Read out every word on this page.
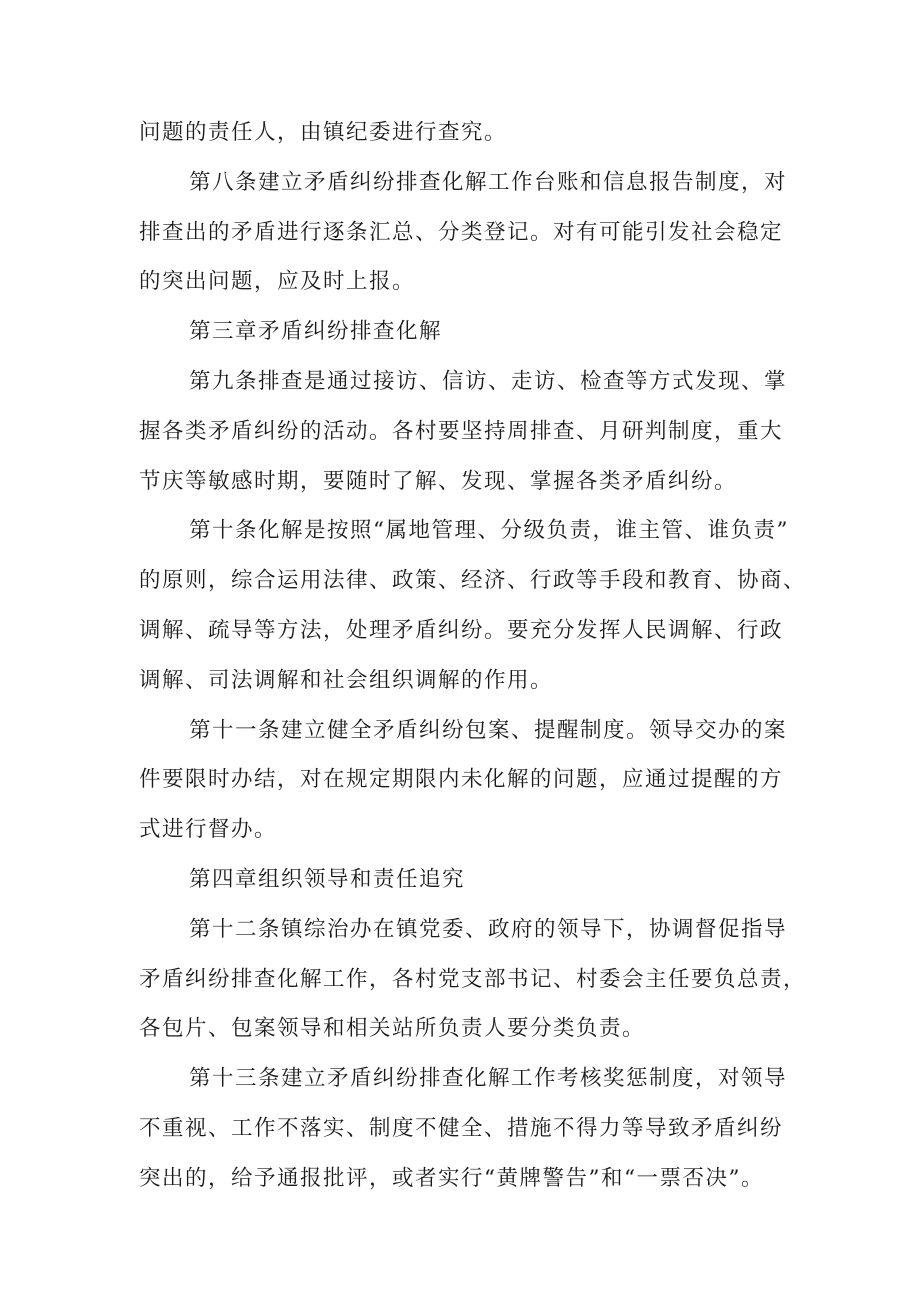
问题的责任人，由镇纪委进行查究。
第八条建立矛盾纠纷排查化解工作台账和信息报告制度，对
排查出的矛盾进行逐条汇总、分类登记。对有可能引发社会稳定
的突出问题，应及时上报。
第三章矛盾纠纷排查化解
第九条排查是通过接访、信访、走访、检查等方式发现、掌
握各类矛盾纠纷的活动。各村要坚持周排查、月研判制度，重大
节庆等敏感时期，要随时了解、发现、掌握各类矛盾纠纷。
第十条化解是按照“属地管理、分级负责，谁主管、谁负责”
的原则，综合运用法律、政策、经济、行政等手段和教育、协商、
调解、疏导等方法，处理矛盾纠纷。要充分发挥人民调解、行政
调解、司法调解和社会组织调解的作用。
第十一条建立健全矛盾纠纷包案、提醒制度。领导交办的案
件要限时办结，对在规定期限内未化解的问题，应通过提醒的方
式进行督办。
第四章组织领导和责任追究
第十二条镇综治办在镇党委、政府的领导下，协调督促指导
矛盾纠纷排查化解工作，各村党支部书记、村委会主任要负总责，
各包片、包案领导和相关站所负责人要分类负责。
第十三条建立矛盾纠纷排查化解工作考核奖惩制度，对领导
不重视、工作不落实、制度不健全、措施不得力等导致矛盾纠纷
突出的，给予通报批评，或者实行“黄牌警告”和“一票否决”。
